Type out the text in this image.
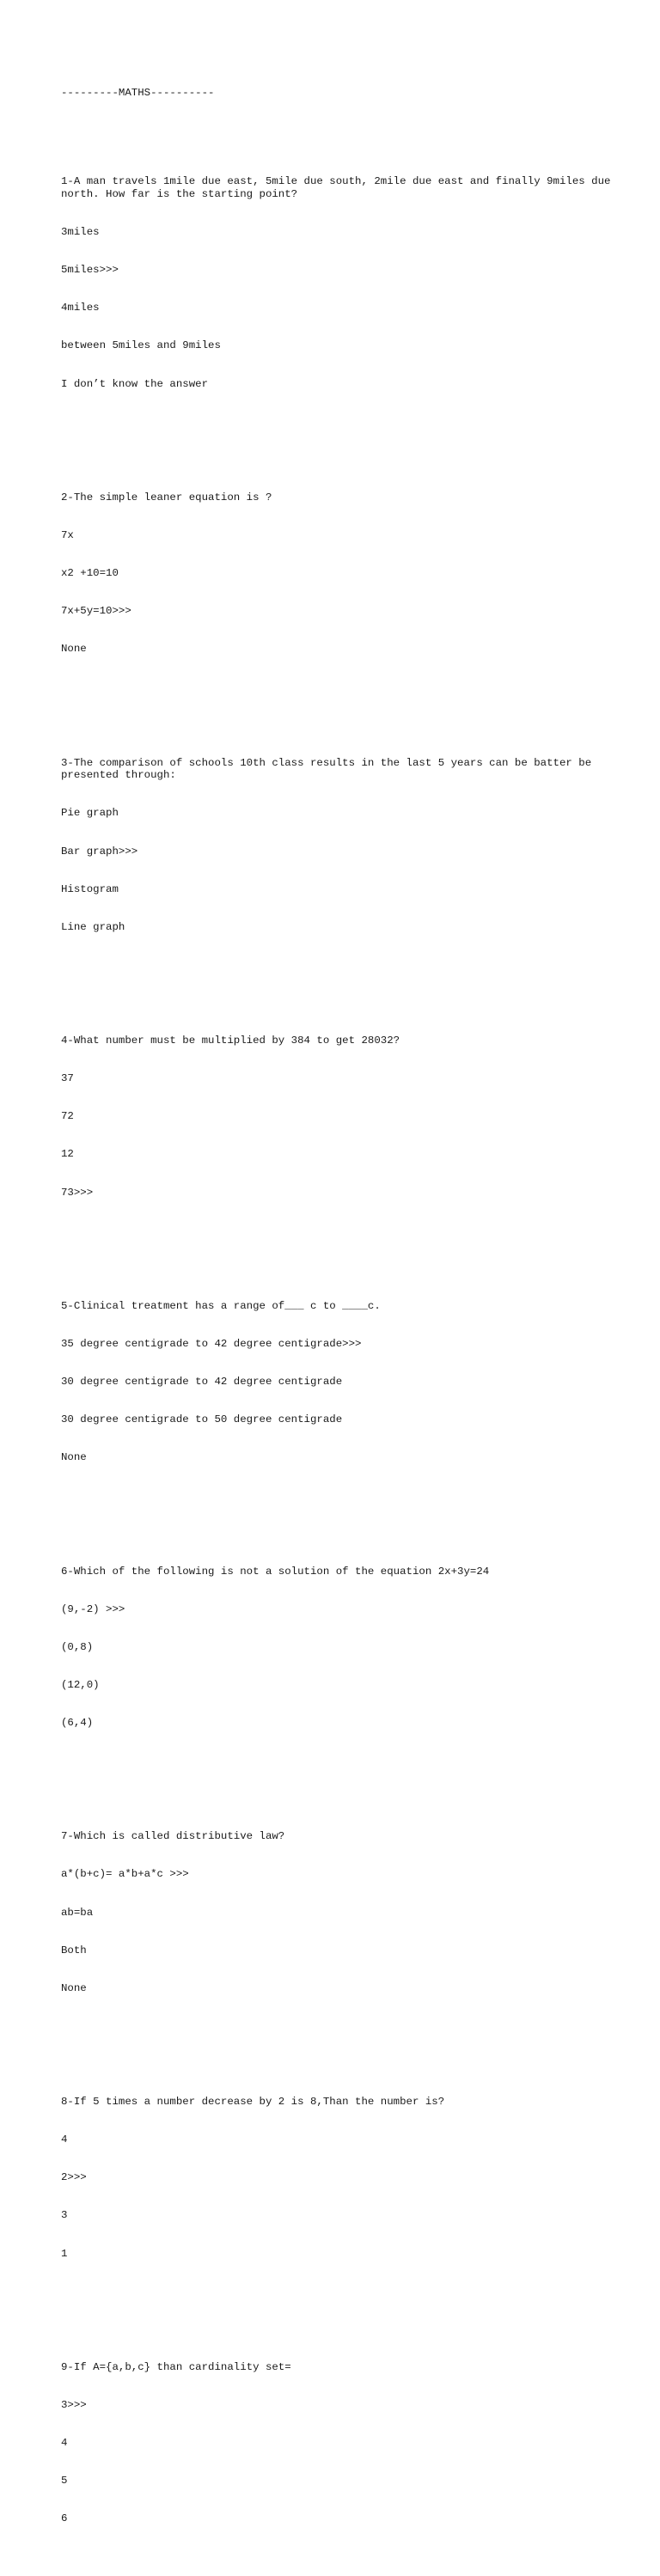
---------MATHS----------

1-A man travels 1mile due east, 5mile due south, 2mile due east and finally 9miles due north. How far is the starting point?

3miles

5miles>>>

4miles

between 5miles and 9miles

I don’t know the answer

2-The simple leaner equation is ?

7x

x2 +10=10

7x+5y=10>>>

None

3-The comparison of schools 10th class results in the last 5 years can be batter be presented through:

Pie graph

Bar graph>>>

Histogram

Line graph

4-What number must be multiplied by 384 to get 28032?

37

72

12

73>>>

5-Clinical treatment has a range of___ c to ____c.

35 degree centigrade to 42 degree centigrade>>>

30 degree centigrade to 42 degree centigrade

30 degree centigrade to 50 degree centigrade

None

6-Which of the following is not a solution of the equation 2x+3y=24

(9,-2) >>>

(0,8)

(12,0)

(6,4)

7-Which is called distributive law?

a*(b+c)= a*b+a*c >>>

ab=ba

Both

None

8-If 5 times a number decrease by 2 is 8,Than the number is?

4

2>>>

3

1

9-If A={a,b,c} than cardinality set=

3>>>

4

5

6
